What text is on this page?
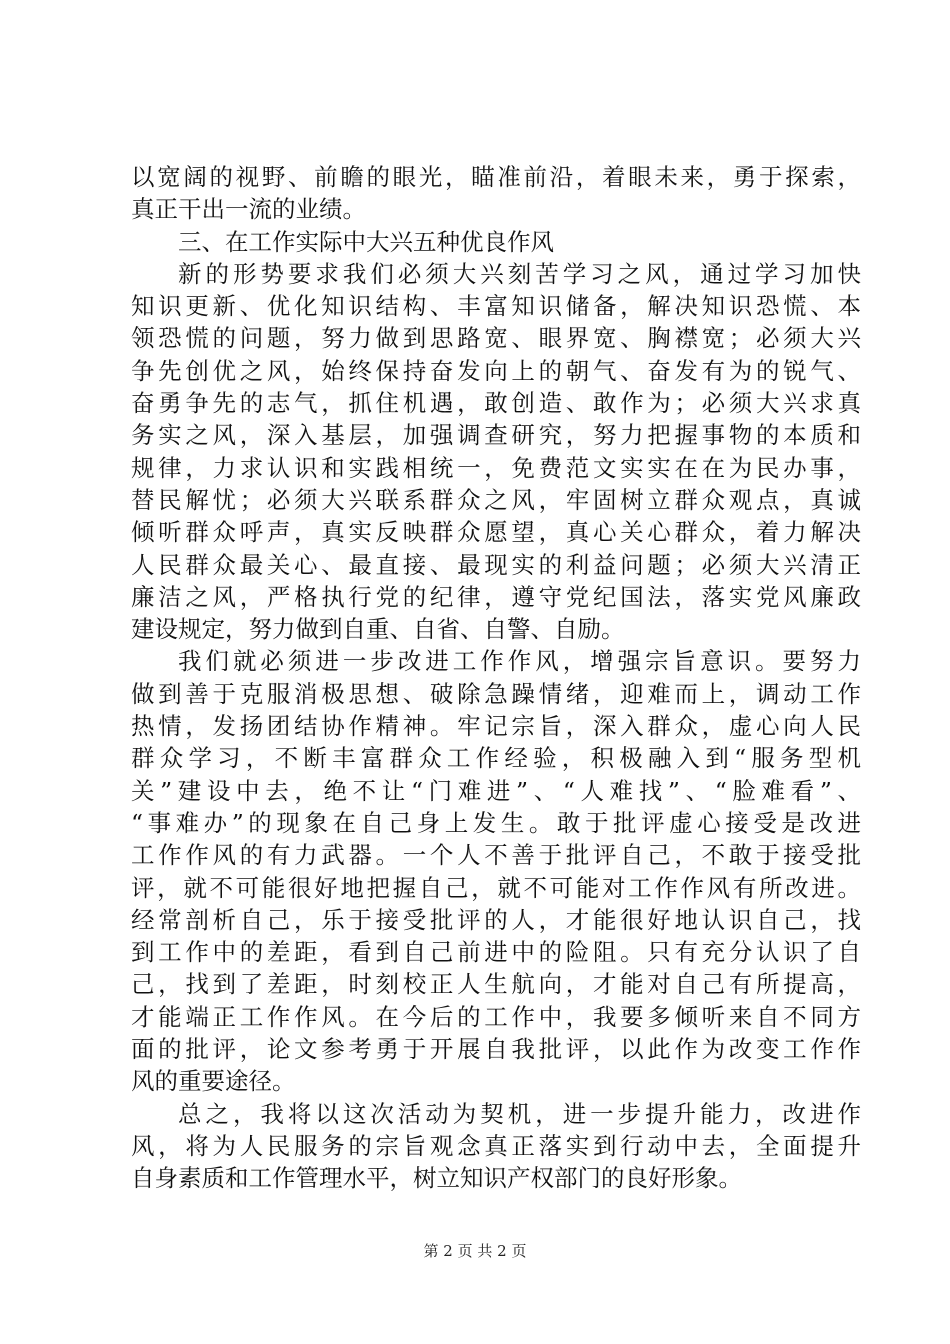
以宽阔的视野、前瞻的眼光，瞄准前沿，着眼未来，勇于探索，
真正干出一流的业绩。
三、在工作实际中大兴五种优良作风
新的形势要求我们必须大兴刻苦学习之风，通过学习加快
知识更新、优化知识结构、丰富知识储备，解决知识恐慌、本
领恐慌的问题，努力做到思路宽、眼界宽、胸襟宽；必须大兴
争先创优之风，始终保持奋发向上的朝气、奋发有为的锐气、
奋勇争先的志气，抓住机遇，敢创造、敢作为；必须大兴求真
务实之风，深入基层，加强调查研究，努力把握事物的本质和
规律，力求认识和实践相统一，免费范文实实在在为民办事，
替民解忧；必须大兴联系群众之风，牢固树立群众观点，真诚
倾听群众呼声，真实反映群众愿望，真心关心群众，着力解决
人民群众最关心、最直接、最现实的利益问题；必须大兴清正
廉洁之风，严格执行党的纪律，遵守党纪国法，落实党风廉政
建设规定，努力做到自重、自省、自警、自励。
我们就必须进一步改进工作作风，增强宗旨意识。要努力
做到善于克服消极思想、破除急躁情绪，迎难而上，调动工作
热情，发扬团结协作精神。牢记宗旨，深入群众，虚心向人民
群众学习，不断丰富群众工作经验，积极融入到“服务型机
关”建设中去，绝不让“门难进”、“人难找”、“脸难看”、
“事难办”的现象在自己身上发生。敢于批评虚心接受是改进
工作作风的有力武器。一个人不善于批评自己，不敢于接受批
评，就不可能很好地把握自己，就不可能对工作作风有所改进。
经常剖析自己，乐于接受批评的人，才能很好地认识自己，找
到工作中的差距，看到自己前进中的险阻。只有充分认识了自
己，找到了差距，时刻校正人生航向，才能对自己有所提高，
才能端正工作作风。在今后的工作中，我要多倾听来自不同方
面的批评，论文参考勇于开展自我批评，以此作为改变工作作
风的重要途径。
总之，我将以这次活动为契机，进一步提升能力，改进作
风，将为人民服务的宗旨观念真正落实到行动中去，全面提升
自身素质和工作管理水平，树立知识产权部门的良好形象。
第 2 页 共 2 页
